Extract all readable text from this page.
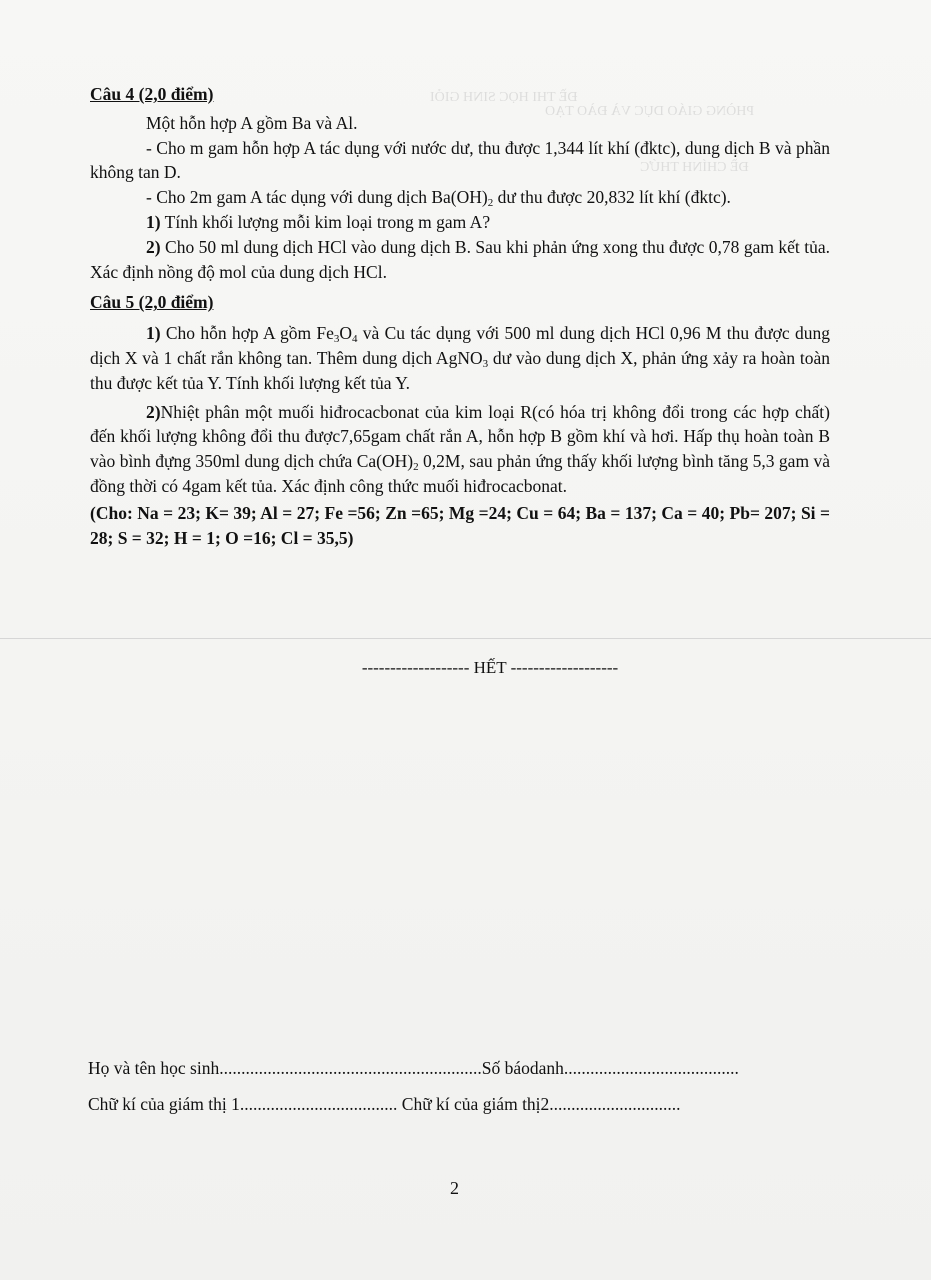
PHÒNG GIÁO DỤC VÀ ĐÀO TẠO
ĐỀ THI HỌC SINH GIỎI
ĐỀ CHÍNH THỨC

Câu 4 (2,0 điểm)

Một hỗn hợp A gồm Ba và Al.

- Cho m gam hỗn hợp A tác dụng với nước dư, thu được 1,344 lít khí (đktc), dung dịch B và phần không tan D.

- Cho 2m gam A tác dụng với dung dịch $Ba(OH)_2$ dư thu được 20,832 lít khí (đktc).

1) Tính khối lượng mỗi kim loại trong m gam A?

2) Cho 50 ml dung dịch HCl vào dung dịch B. Sau khi phản ứng xong thu được 0,78 gam kết tủa. Xác định nồng độ mol của dung dịch HCl.

Câu 5 (2,0 điểm)

1) Cho hỗn hợp A gồm $Fe_3O_4$ và Cu tác dụng với 500 ml dung dịch HCl 0,96 M thu được dung dịch X và 1 chất rắn không tan. Thêm dung dịch AgNO$_3$ dư vào dung dịch X, phản ứng xảy ra hoàn toàn thu được kết tủa Y. Tính khối lượng kết tủa Y.

2)Nhiệt phân một muối hiđrocacbonat của kim loại R(có hóa trị không đổi trong các hợp chất) đến khối lượng không đổi thu được7,65gam chất rắn A, hỗn hợp B gồm khí và hơi. Hấp thụ hoàn toàn B vào bình đựng 350ml dung dịch chứa $Ca(OH)_2$ 0,2M, sau phản ứng thấy khối lượng bình tăng 5,3 gam và đồng thời có 4gam kết tủa. Xác định công thức muối hiđrocacbonat.

(Cho: Na = 23; K= 39; Al = 27; Fe =56; Zn =65; Mg =24; Cu = 64; Ba = 137; Ca = 40; Pb= 207; Si = 28; S = 32; H = 1; O =16; Cl = 35,5)

------------------- HẾT -------------------
Họ và tên học sinh............................................................Số báodanh........................................
Chữ kí của giám thị 1.................................... Chữ kí của giám thị2..............................
2
